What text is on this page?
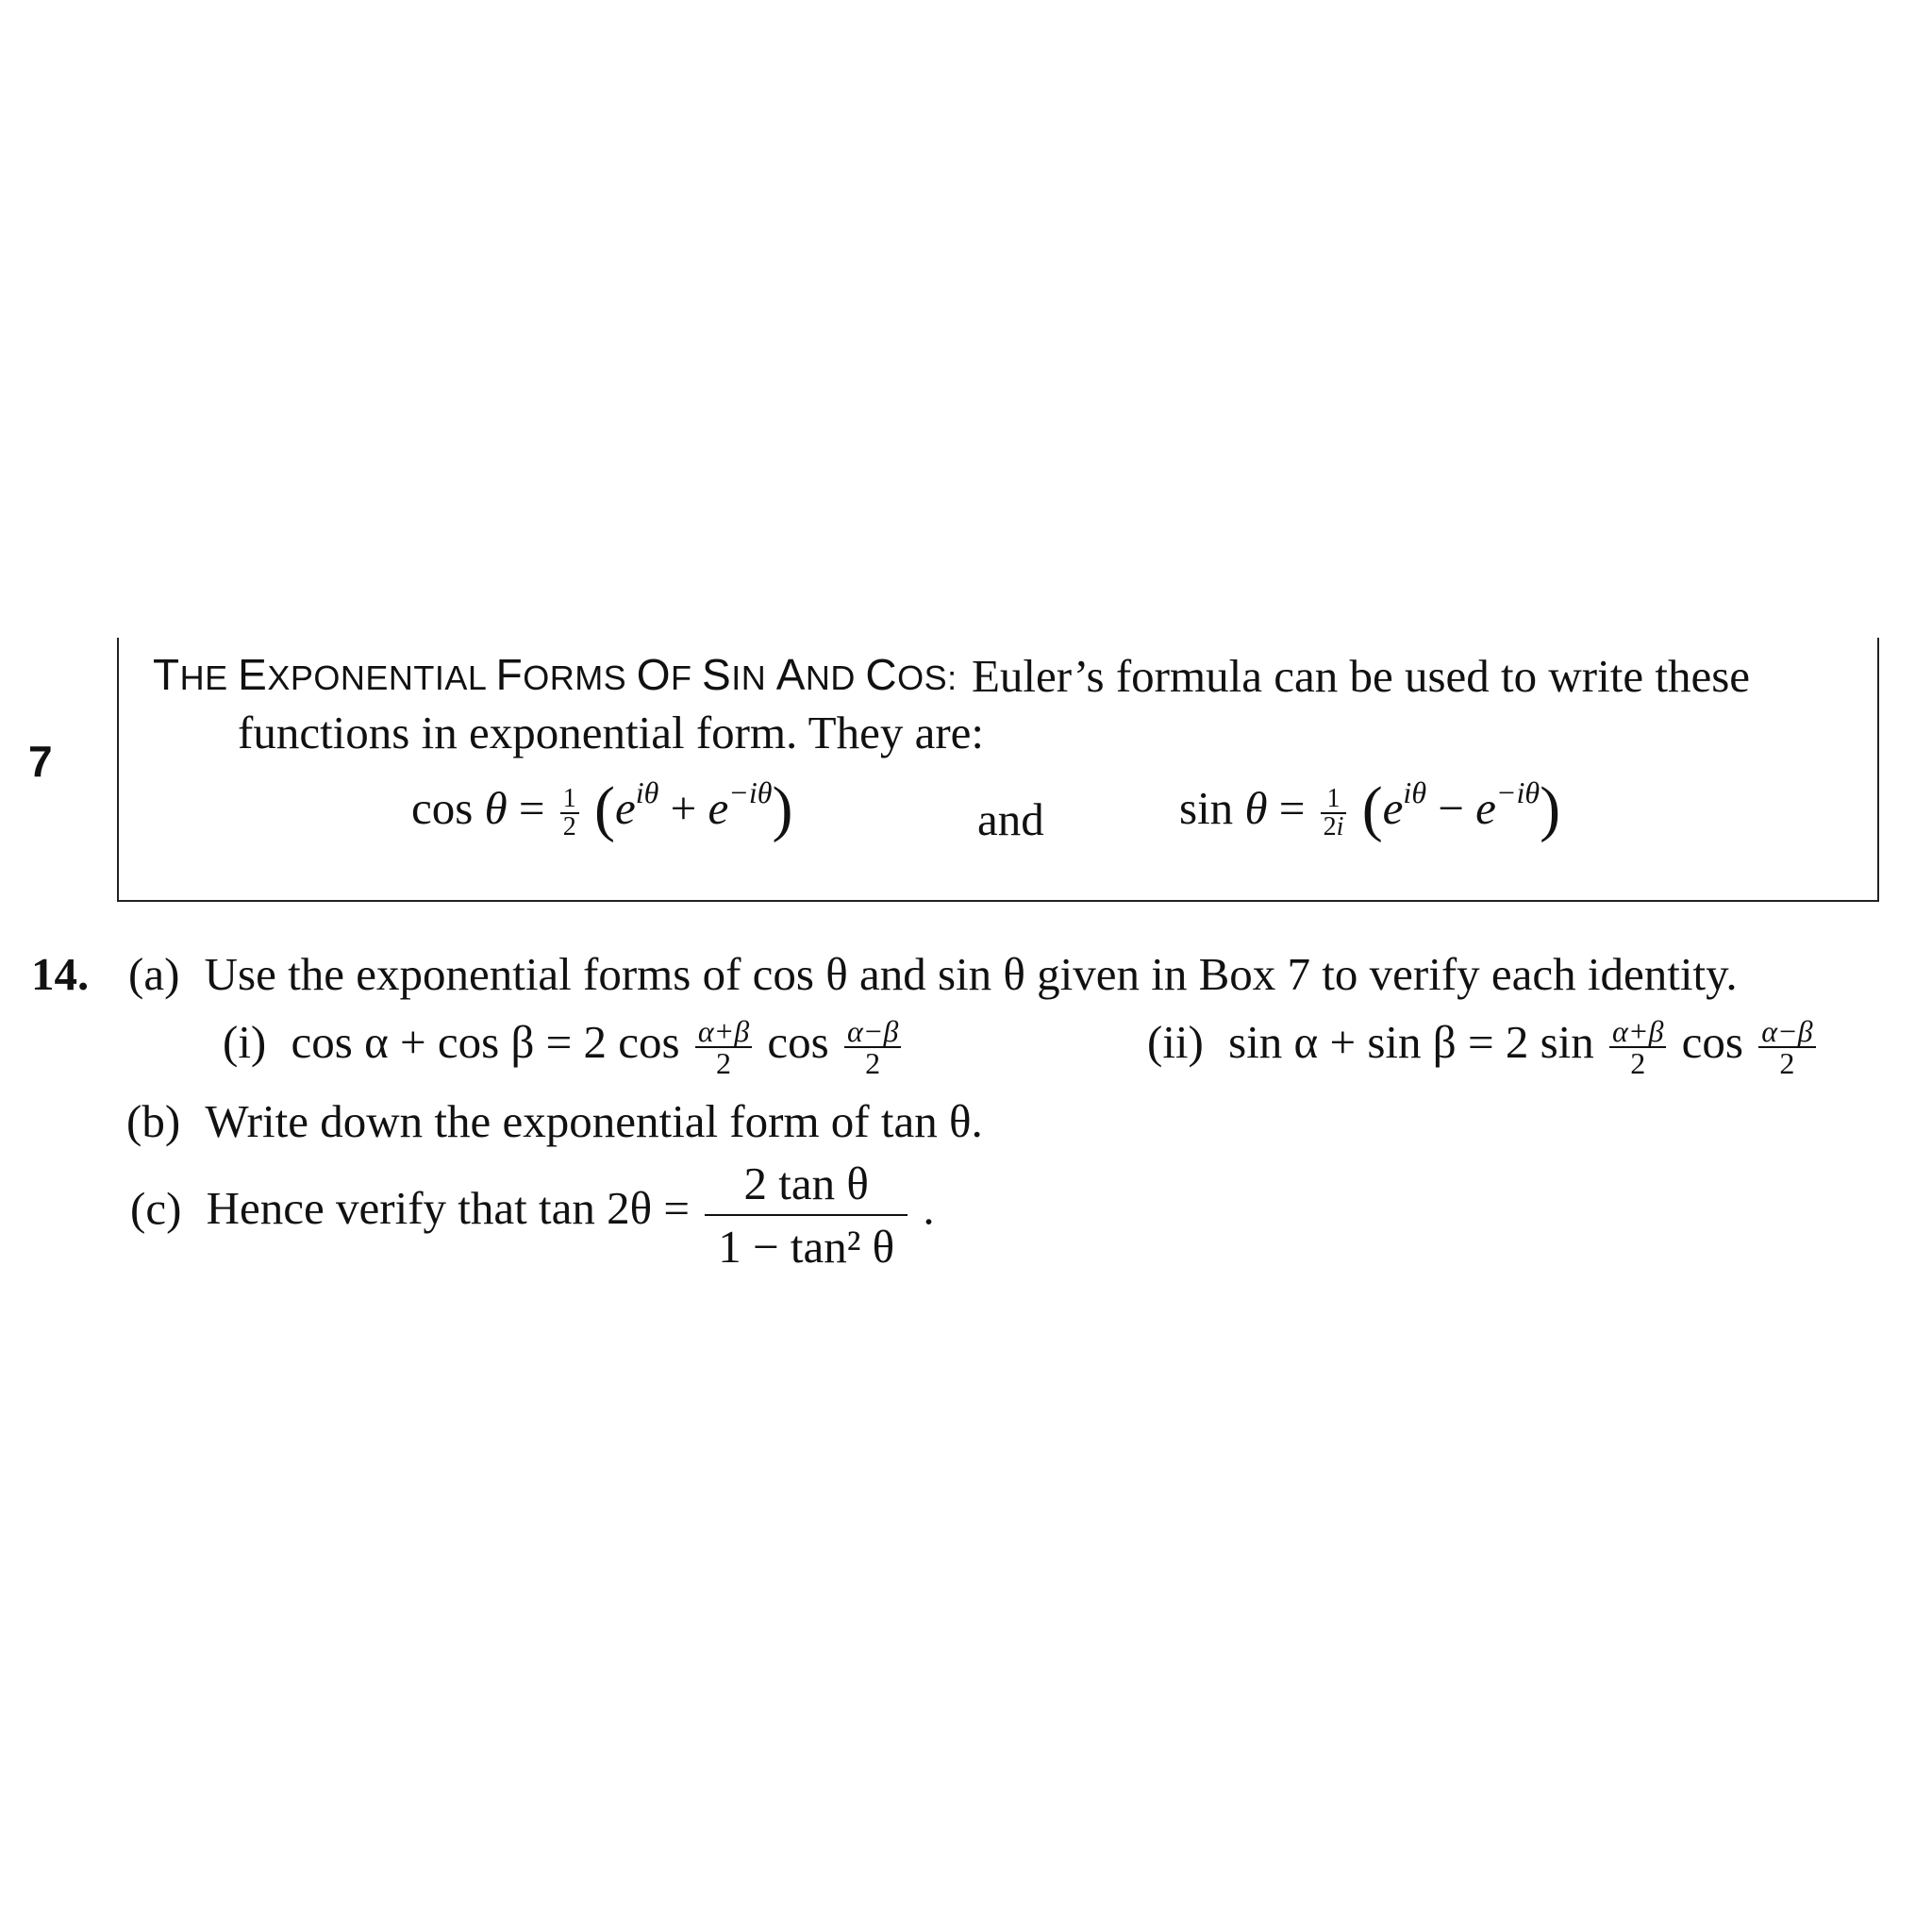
7
THE EXPONENTIAL FORMS OF SIN AND COS: Euler’s formula can be used to write these
functions in exponential form. They are:
$\cos \theta = \frac{1}{2} (e^{i\theta} + e^{-i\theta})$	and	$\sin \theta = \frac{1}{2i} (e^{i\theta} - e^{-i\theta})$
14. (a) Use the exponential forms of cos θ and sin θ given in Box 7 to verify each identity.
(i) cos α + cos β = 2 $\cos \frac{\alpha+\beta}{2}$ $\cos \frac{\alpha-\beta}{2}$	(ii) sin α + sin β = 2 $\sin \frac{\alpha+\beta}{2}$ $\cos \frac{\alpha-\beta}{2}$
(b) Write down the exponential form of tan θ.
(c) Hence verify that $\tan 2\theta = \frac{\text{2 tan θ}}{\text{1 − tan² θ}}$ .
